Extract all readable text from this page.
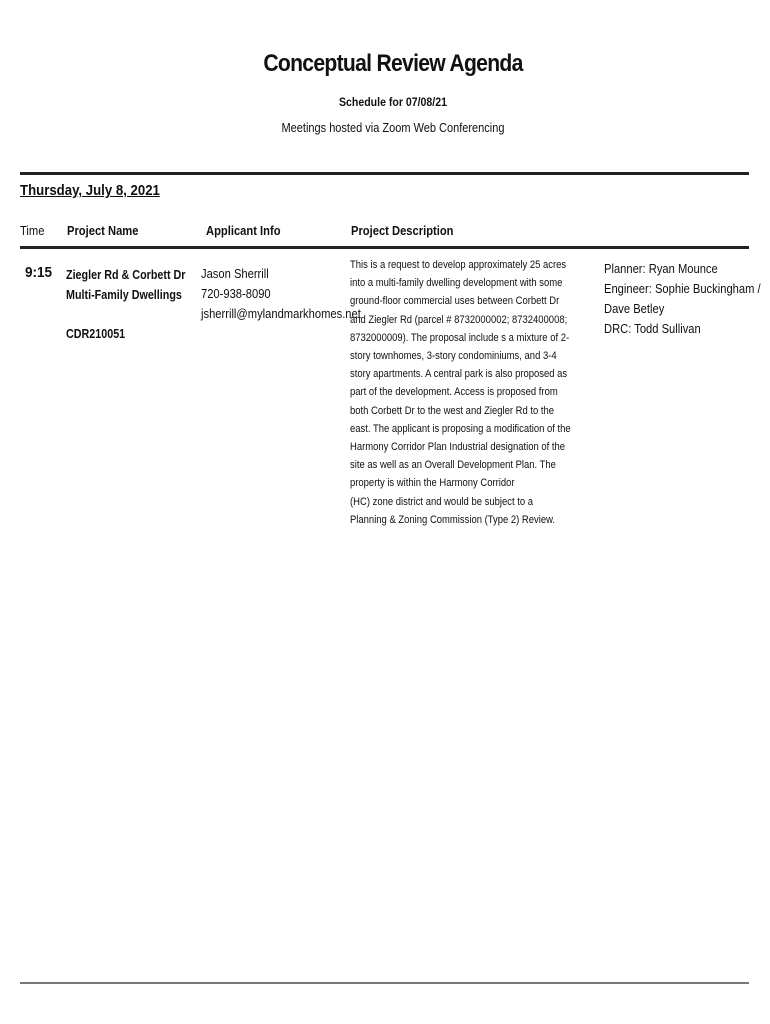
Conceptual Review Agenda
Schedule for 07/08/21
Meetings hosted via Zoom Web Conferencing
Thursday, July 8, 2021
Time Project Name	Applicant Info	Project Description
9:15 Ziegler Rd & Corbett Dr
Multi-Family Dwellings
CDR210051
Jason Sherrill
720-938-8090
jsherrill@mylandmarkhomes.net
This is a request to develop approximately 25 acres
into a multi-family dwelling development with some
ground-floor commercial uses between Corbett Dr
and Ziegler Rd (parcel # 8732000002; 8732400008;
8732000009). The proposal include s a mixture of 2-
story townhomes, 3-story condominiums, and 3-4
story apartments. A central park is also proposed as
part of the development. Access is proposed from
both Corbett Dr to the west and Ziegler Rd to the
east. The applicant is proposing a modification of the
Harmony Corridor Plan Industrial designation of the
site as well as an Overall Development Plan. The
property is within the Harmony Corridor
(HC) zone district and would be subject to a
Planning & Zoning Commission (Type 2) Review.
Planner: Ryan Mounce
Engineer: Sophie Buckingham /
Dave Betley
DRC: Todd Sullivan
